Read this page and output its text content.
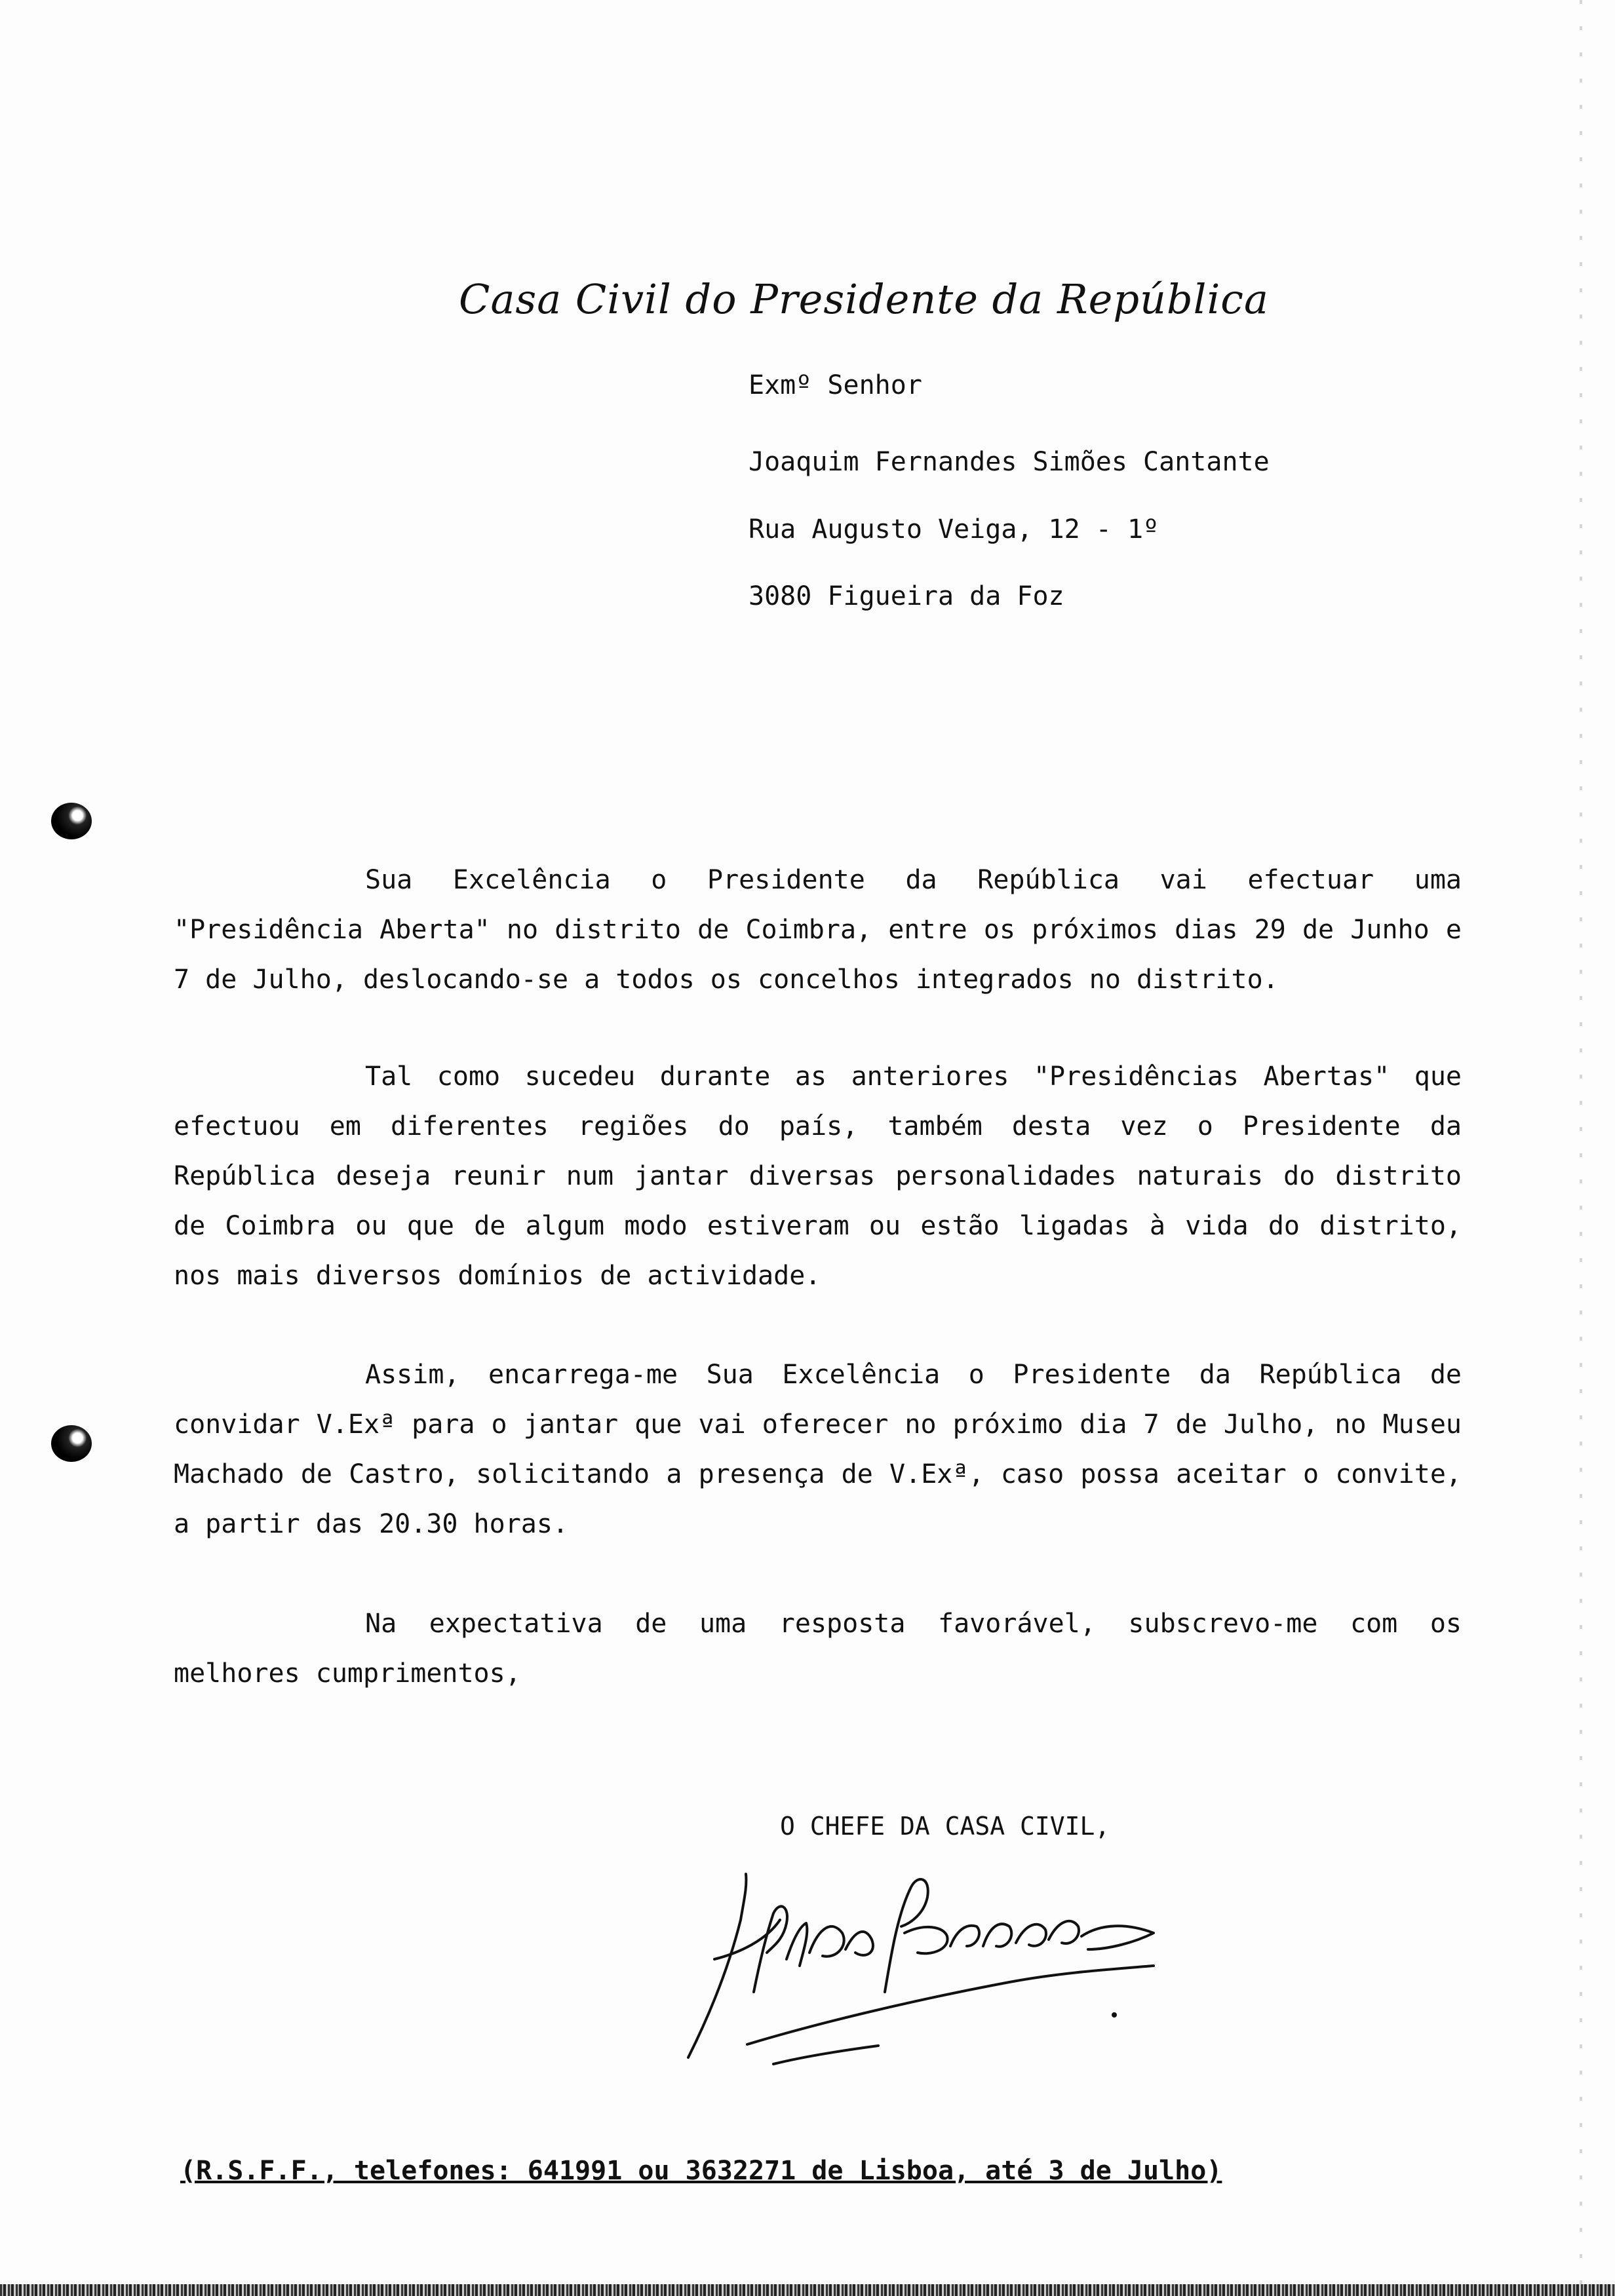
Casa Civil do Presidente da República
Exmº Senhor
Joaquim Fernandes Simões Cantante
Rua Augusto Veiga, 12 - 1º
3080 Figueira da Foz

Sua Excelência o Presidente da República vai efectuar uma "Presidência Aberta" no distrito de Coimbra, entre os próximos dias 29 de Junho e 7 de Julho, deslocando-se a todos os concelhos integrados no distrito.

Tal como sucedeu durante as anteriores "Presidências Abertas" que efectuou em diferentes regiões do país, também desta vez o Presidente da República deseja reunir num jantar diversas personalidades naturais do distrito de Coimbra ou que de algum modo estiveram ou estão ligadas à vida do distrito, nos mais diversos domínios de actividade.

Assim, encarrega-me Sua Excelência o Presidente da República de convidar V.Exª para o jantar que vai oferecer no próximo dia 7 de Julho, no Museu Machado de Castro, solicitando a presença de V.Exª, caso possa aceitar o convite, a partir das 20.30 horas.

Na expectativa de uma resposta favorável, subscrevo-me com os melhores cumprimentos,

O CHEFE DA CASA CIVIL,
(R.S.F.F., telefones: 641991 ou 3632271 de Lisboa, até 3 de Julho)
